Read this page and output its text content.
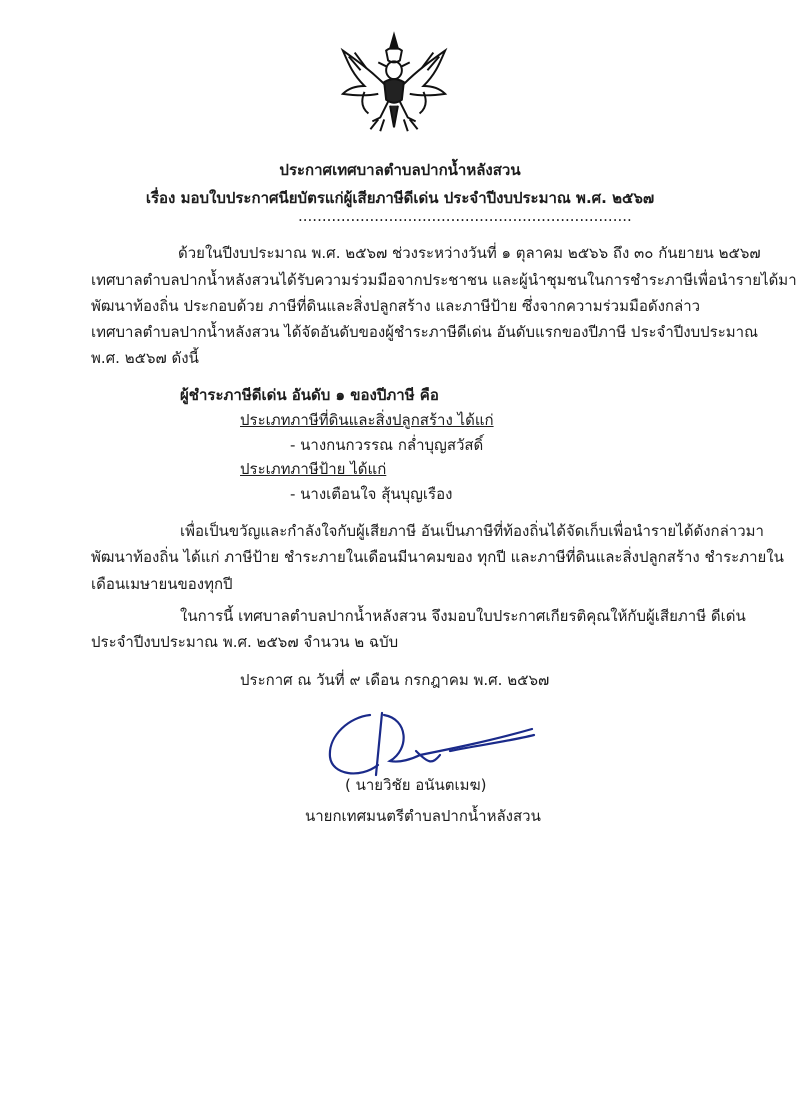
ประกาศเทศบาลตำบลปากน้ำหลังสวน
เรื่อง มอบใบประกาศนียบัตรแก่ผู้เสียภาษีดีเด่น ประจำปีงบประมาณ พ.ศ. ๒๕๖๗
......................................................................
ด้วยในปีงบประมาณ พ.ศ. ๒๕๖๗ ช่วงระหว่างวันที่ ๑ ตุลาคม ๒๕๖๖ ถึง ๓๐ กันยายน ๒๕๖๗
เทศบาลตำบลปากน้ำหลังสวนได้รับความร่วมมือจากประชาชน และผู้นำชุมชนในการชำระภาษีเพื่อนำรายได้มา
พัฒนาท้องถิ่น ประกอบด้วย ภาษีที่ดินและสิ่งปลูกสร้าง และภาษีป้าย ซึ่งจากความร่วมมือดังกล่าว
เทศบาลตำบลปากน้ำหลังสวน ได้จัดอันดับของผู้ชำระภาษีดีเด่น อันดับแรกของปีภาษี ประจำปีงบประมาณ
พ.ศ. ๒๕๖๗ ดังนี้
ผู้ชำระภาษีดีเด่น อันดับ ๑ ของปีภาษี คือ
ประเภทภาษีที่ดินและสิ่งปลูกสร้าง ได้แก่
- นางกนกวรรณ กล่ำบุญสวัสดิ์
ประเภทภาษีป้าย ได้แก่
- นางเตือนใจ สุ้นบุญเรือง
เพื่อเป็นขวัญและกำลังใจกับผู้เสียภาษี อันเป็นภาษีที่ท้องถิ่นได้จัดเก็บเพื่อนำรายได้ดังกล่าวมา
พัฒนาท้องถิ่น ได้แก่ ภาษีป้าย ชำระภายในเดือนมีนาคมของ ทุกปี และภาษีที่ดินและสิ่งปลูกสร้าง ชำระภายใน
เดือนเมษายนของทุกปี
ในการนี้ เทศบาลตำบลปากน้ำหลังสวน จึงมอบใบประกาศเกียรติคุณให้กับผู้เสียภาษี ดีเด่น
ประจำปีงบประมาณ พ.ศ. ๒๕๖๗ จำนวน ๒ ฉบับ
ประกาศ ณ วันที่ ๙ เดือน กรกฎาคม พ.ศ. ๒๕๖๗
( นายวิชัย อนันตเมฆ)
นายกเทศมนตรีตำบลปากน้ำหลังสวน
